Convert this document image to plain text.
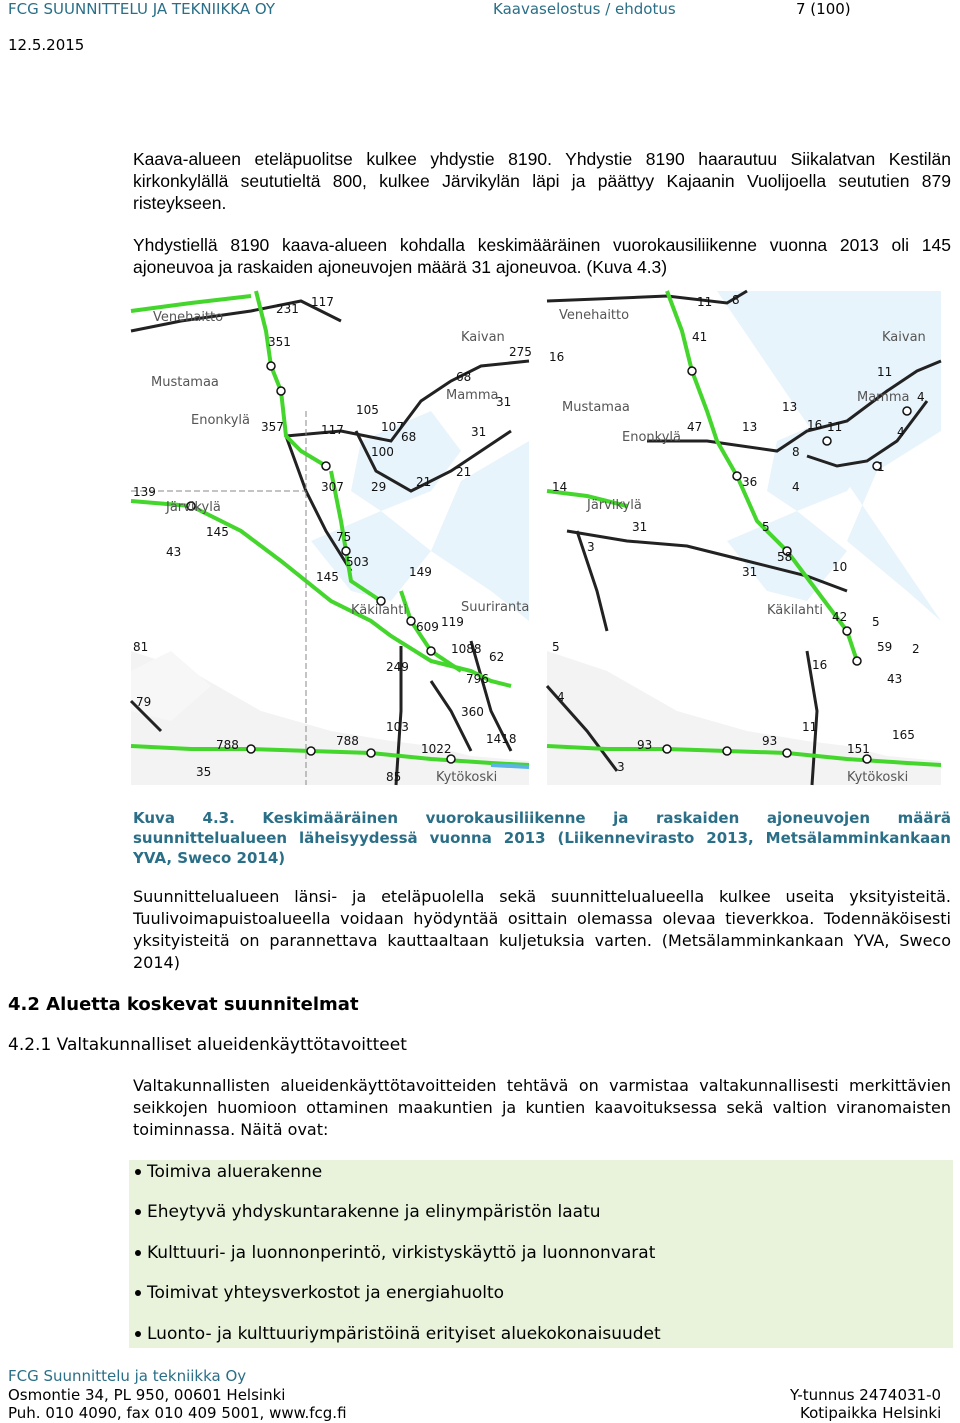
FCG SUUNNITTELU JA TEKNIIKKA OY	Kaavaselostus / ehdotus	7 (100)
12.5.2015
Kaava-alueen eteläpuolitse kulkee yhdystie 8190. Yhdystie 8190 haarautuu Siikalatvan Kestilän kirkonkylällä seututieltä 800, kulkee Järvikylän läpi ja päättyy Kajaanin Vuolijoella seututien 879 risteykseen.
Yhdystiellä 8190 kaava-alueen kohdalla keskimääräinen vuorokausiliikenne vuonna 2013 oli 145 ajoneuvoa ja raskaiden ajoneuvojen määrä 31 ajoneuvoa. (Kuva 4.3)
Venehaitto
Mustamaa
Enonkylä
Järvikylä
Käkilahti	Suuriranta
Kaivan
Mamma
Kytökoski
231 117
351
275
68
105
107
117
357
68
31
31
100
29 21
21
139	307
145	75
503
43
149
145
119
609
1088
62
249
796
81
79
360
103
788	788
1022
1418
35	85
Venehaitto
Mustamaa
Enonkylä
Järvikylä
Käkilahti
Kaivan
Mamma
Kytökoski
11 8
41
11
16
13
13	16 11
4
4
47
8
36	4
1
14
31
3
5
58
31	10
42 5
59 2
16
43
5
4
93	93
11
151
165
3
Kuva 4.3. Keskimääräinen vuorokausiliikenne ja raskaiden ajoneuvojen määrä suunnittelualueen läheisyydessä vuonna 2013 (Liikennevirasto 2013, Metsälamminkankaan YVA, Sweco 2014)
Suunnittelualueen länsi- ja eteläpuolella sekä suunnittelualueella kulkee useita yksityisteitä. Tuulivoimapuistoalueella voidaan hyödyntää osittain olemassa olevaa tieverkkoa. Todennäköisesti yksityisteitä on parannettava kauttaaltaan kuljetuksia varten. (Metsälamminkankaan YVA, Sweco 2014)
4.2 Aluetta koskevat suunnitelmat
4.2.1 Valtakunnalliset alueidenkäyttötavoitteet
Valtakunnallisten alueidenkäyttötavoitteiden tehtävä on varmistaa valtakunnallisesti merkittävien seikkojen huomioon ottaminen maakuntien ja kuntien kaavoituksessa sekä valtion viranomaisten toiminnassa. Näitä ovat:
Toimiva aluerakenne
Eheytyvä yhdyskuntarakenne ja elinympäristön laatu
Kulttuuri- ja luonnonperintö, virkistyskäyttö ja luonnonvarat
Toimivat yhteysverkostot ja energiahuolto
Luonto- ja kulttuuriympäristöinä erityiset aluekokonaisuudet
FCG Suunnittelu ja tekniikka Oy
Osmontie 34, PL 950, 00601 Helsinki
Puh. 010 4090, fax 010 409 5001, www.fcg.fi
Y-tunnus 2474031-0
Kotipaikka Helsinki
